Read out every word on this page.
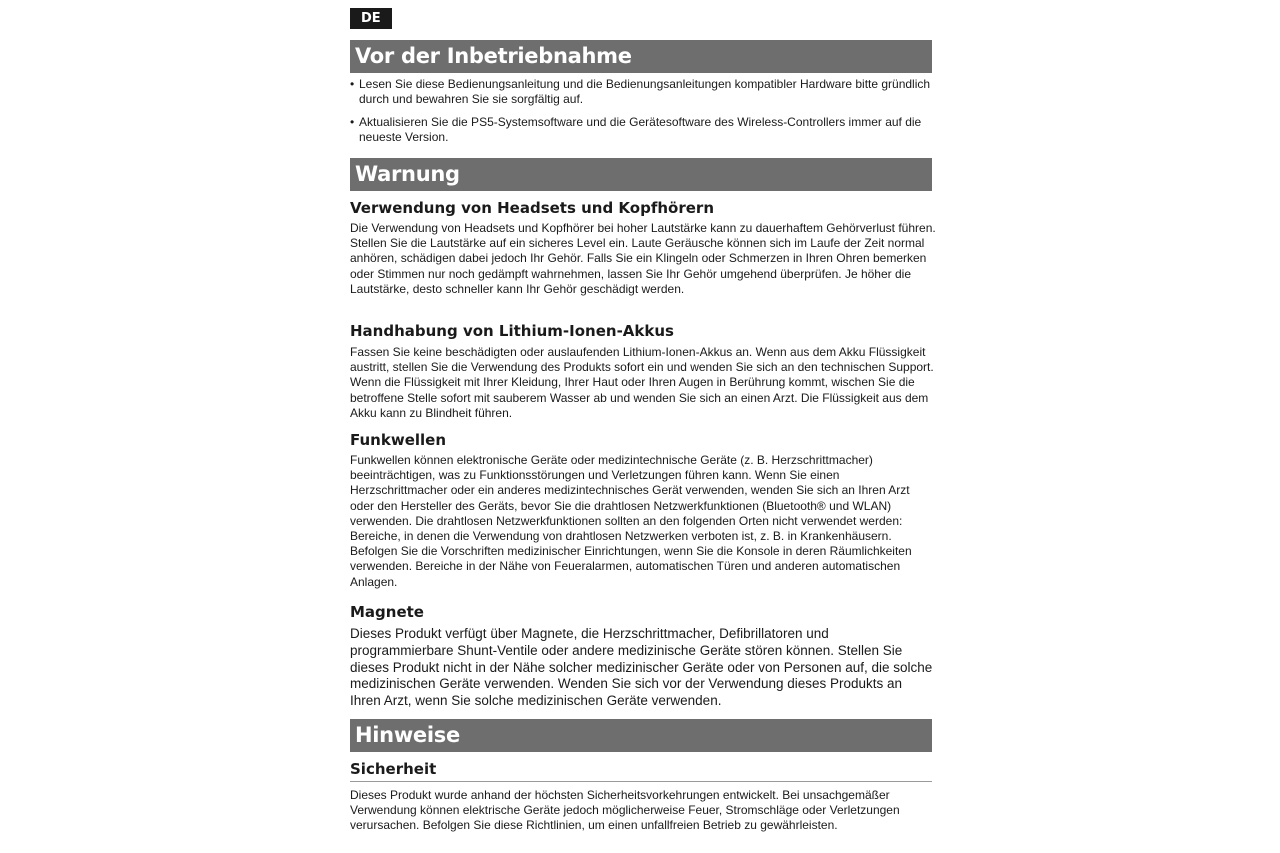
DE
Vor der Inbetriebnahme
• Lesen Sie diese Bedienungsanleitung und die Bedienungsanleitungen kompatibler Hardware bitte gründlich durch und bewahren Sie sie sorgfältig auf.
• Aktualisieren Sie die PS5-Systemsoftware und die Gerätesoftware des Wireless-Controllers immer auf die neueste Version.
Warnung
Verwendung von Headsets und Kopfhörern
Die Verwendung von Headsets und Kopfhörer bei hoher Lautstärke kann zu dauerhaftem Gehörverlust führen. Stellen Sie die Lautstärke auf ein sicheres Level ein. Laute Geräusche können sich im Laufe der Zeit normal anhören, schädigen dabei jedoch Ihr Gehör. Falls Sie ein Klingeln oder Schmerzen in Ihren Ohren bemerken oder Stimmen nur noch gedämpft wahrnehmen, lassen Sie Ihr Gehör umgehend überprüfen. Je höher die Lautstärke, desto schneller kann Ihr Gehör geschädigt werden.
Handhabung von Lithium-Ionen-Akkus
Fassen Sie keine beschädigten oder auslaufenden Lithium-Ionen-Akkus an. Wenn aus dem Akku Flüssigkeit austritt, stellen Sie die Verwendung des Produkts sofort ein und wenden Sie sich an den technischen Support. Wenn die Flüssigkeit mit Ihrer Kleidung, Ihrer Haut oder Ihren Augen in Berührung kommt, wischen Sie die betroffene Stelle sofort mit sauberem Wasser ab und wenden Sie sich an einen Arzt. Die Flüssigkeit aus dem Akku kann zu Blindheit führen.
Funkwellen
Funkwellen können elektronische Geräte oder medizintechnische Geräte (z. B. Herzschrittmacher) beeinträchtigen, was zu Funktionsstörungen und Verletzungen führen kann. Wenn Sie einen Herzschrittmacher oder ein anderes medizintechnisches Gerät verwenden, wenden Sie sich an Ihren Arzt oder den Hersteller des Geräts, bevor Sie die drahtlosen Netzwerkfunktionen (Bluetooth® und WLAN) verwenden. Die drahtlosen Netzwerkfunktionen sollten an den folgenden Orten nicht verwendet werden: Bereiche, in denen die Verwendung von drahtlosen Netzwerken verboten ist, z. B. in Krankenhäusern. Befolgen Sie die Vorschriften medizinischer Einrichtungen, wenn Sie die Konsole in deren Räumlichkeiten verwenden. Bereiche in der Nähe von Feueralarmen, automatischen Türen und anderen automatischen Anlagen.
Magnete
Dieses Produkt verfügt über Magnete, die Herzschrittmacher, Defibrillatoren und programmierbare Shunt-Ventile oder andere medizinische Geräte stören können. Stellen Sie dieses Produkt nicht in der Nähe solcher medizinischer Geräte oder von Personen auf, die solche medizinischen Geräte verwenden. Wenden Sie sich vor der Verwendung dieses Produkts an Ihren Arzt, wenn Sie solche medizinischen Geräte verwenden.
Hinweise
Sicherheit
Dieses Produkt wurde anhand der höchsten Sicherheitsvorkehrungen entwickelt. Bei unsachgemäßer Verwendung können elektrische Geräte jedoch möglicherweise Feuer, Stromschläge oder Verletzungen verursachen. Befolgen Sie diese Richtlinien, um einen unfallfreien Betrieb zu gewährleisten.
